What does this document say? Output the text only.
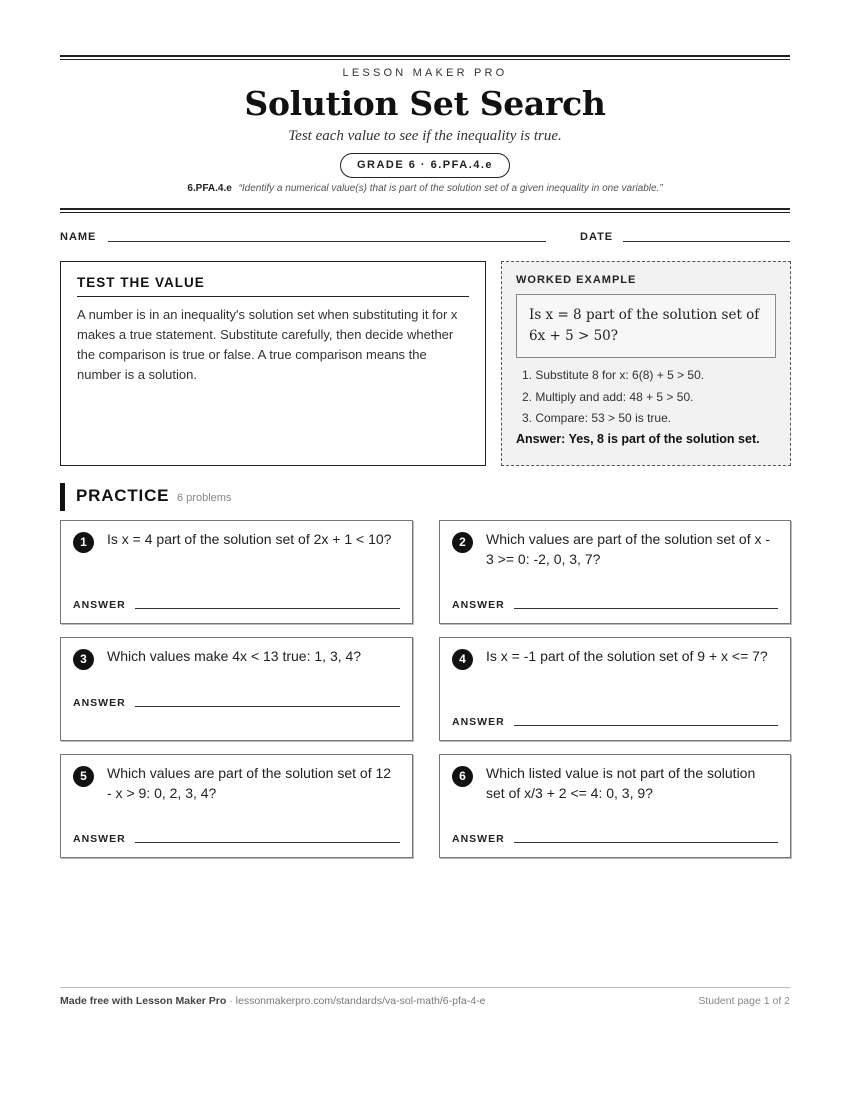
LESSON MAKER PRO
Solution Set Search
Test each value to see if the inequality is true.
GRADE 6 · 6.PFA.4.e
6.PFA.4.e “Identify a numerical value(s) that is part of the solution set of a given inequality in one variable.”
NAME	DATE
TEST THE VALUE
A number is in an inequality's solution set when substituting it for x makes a true statement. Substitute carefully, then decide whether the comparison is true or false. A true comparison means the number is a solution.
WORKED EXAMPLE
Is x = 8 part of the solution set of 6x + 5 > 50?
1. Substitute 8 for x: 6(8) + 5 > 50.
2. Multiply and add: 48 + 5 > 50.
3. Compare: 53 > 50 is true.
Answer: Yes, 8 is part of the solution set.
PRACTICE 6 problems
1	Is x = 4 part of the solution set of 2x + 1 < 10?
ANSWER
2	Which values are part of the solution set of x - 3 >= 0: -2, 0, 3, 7?
ANSWER
3	Which values make 4x < 13 true: 1, 3, 4?
ANSWER
4	Is x = -1 part of the solution set of 9 + x <= 7?
ANSWER
5	Which values are part of the solution set of 12 - x > 9: 0, 2, 3, 4?
ANSWER
6	Which listed value is not part of the solution set of x/3 + 2 <= 4: 0, 3, 9?
ANSWER
Made free with Lesson Maker Pro · lessonmakerpro.com/standards/va-sol-math/6-pfa-4-e	Student page 1 of 2
